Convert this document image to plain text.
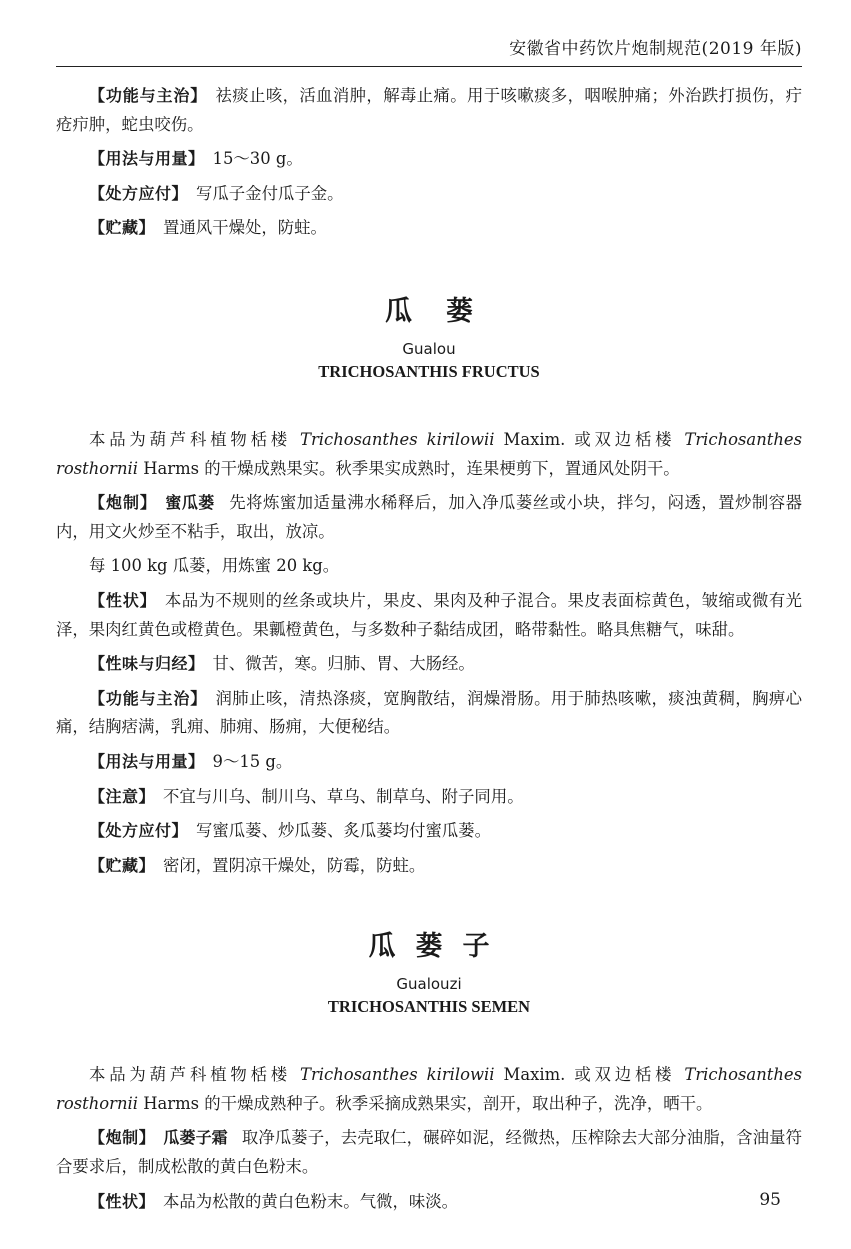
安徽省中药饮片炮制规范(2019 年版)

【功能与主治】 祛痰止咳，活血消肿，解毒止痛。用于咳嗽痰多，咽喉肿痛；外治跌打损伤，疔疮疖肿，蛇虫咬伤。

【用法与用量】 15～30 g。

【处方应付】 写瓜子金付瓜子金。

【贮藏】 置通风干燥处，防蛀。

瓜蒌

Gualou

TRICHOSANTHIS FRUCTUS

本品为葫芦科植物栝楼 Trichosanthes kirilowii Maxim. 或双边栝楼 Trichosanthes rosthornii Harms 的干燥成熟果实。秋季果实成熟时，连果梗剪下，置通风处阴干。

【炮制】 蜜瓜蒌 先将炼蜜加适量沸水稀释后，加入净瓜蒌丝或小块，拌匀，闷透，置炒制容器内，用文火炒至不粘手，取出，放凉。

每 100 kg 瓜蒌，用炼蜜 20 kg。

【性状】 本品为不规则的丝条或块片，果皮、果肉及种子混合。果皮表面棕黄色，皱缩或微有光泽，果肉红黄色或橙黄色。果瓤橙黄色，与多数种子黏结成团，略带黏性。略具焦糖气，味甜。

【性味与归经】 甘、微苦，寒。归肺、胃、大肠经。

【功能与主治】 润肺止咳，清热涤痰，宽胸散结，润燥滑肠。用于肺热咳嗽，痰浊黄稠，胸痹心痛，结胸痞满，乳痈、肺痈、肠痈，大便秘结。

【用法与用量】 9～15 g。

【注意】 不宜与川乌、制川乌、草乌、制草乌、附子同用。

【处方应付】 写蜜瓜蒌、炒瓜蒌、炙瓜蒌均付蜜瓜蒌。

【贮藏】 密闭，置阴凉干燥处，防霉，防蛀。

瓜蒌子

Gualouzi

TRICHOSANTHIS SEMEN

本品为葫芦科植物栝楼 Trichosanthes kirilowii Maxim. 或双边栝楼 Trichosanthes rosthornii Harms 的干燥成熟种子。秋季采摘成熟果实，剖开，取出种子，洗净，晒干。

【炮制】 瓜蒌子霜 取净瓜蒌子，去壳取仁，碾碎如泥，经微热，压榨除去大部分油脂，含油量符合要求后，制成松散的黄白色粉末。

【性状】 本品为松散的黄白色粉末。气微，味淡。	95
